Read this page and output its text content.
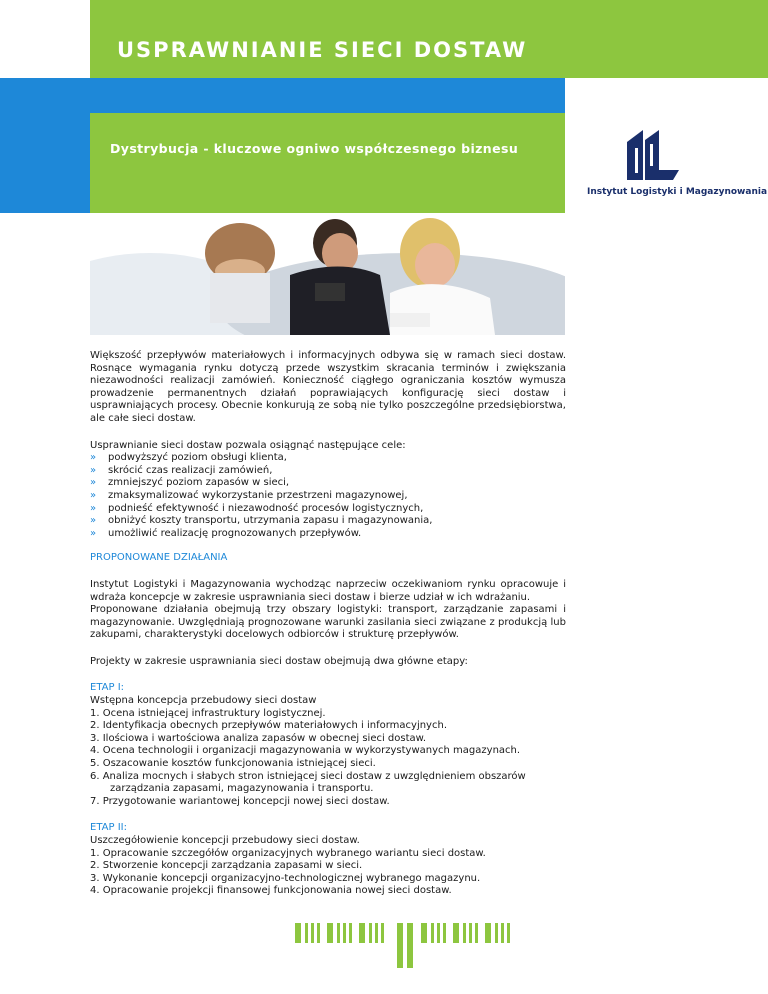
USPRAWNIANIE SIECI DOSTAW
Dystrybucja - kluczowe ogniwo współczesnego biznesu
Instytut Logistyki i Magazynowania

Większość przepływów materiałowych i informacyjnych odbywa się w ramach sieci dostaw. Rosnące wymagania rynku dotyczą przede wszystkim skracania terminów i zwiększania niezawodności realizacji zamówień. Konieczność ciągłego ograniczania kosztów wymusza prowadzenie permanentnych działań poprawiających konfigurację sieci dostaw i usprawniających procesy. Obecnie konkurują ze sobą nie tylko poszczególne przedsiębiorstwa, ale całe sieci dostaw.

Usprawnianie sieci dostaw pozwala osiągnąć następujące cele:
» podwyższyć poziom obsługi klienta,
» skrócić czas realizacji zamówień,
» zmniejszyć poziom zapasów w sieci,
» zmaksymalizować wykorzystanie przestrzeni magazynowej,
» podnieść efektywność i niezawodność procesów logistycznych,
» obniżyć koszty transportu, utrzymania zapasu i magazynowania,
» umożliwić realizację prognozowanych przepływów.

PROPONOWANE DZIAŁANIA

Instytut Logistyki i Magazynowania wychodząc naprzeciw oczekiwaniom rynku opracowuje i wdraża koncepcje w zakresie usprawniania sieci dostaw i bierze udział w ich wdrażaniu.

Proponowane działania obejmują trzy obszary logistyki: transport, zarządzanie zapasami i magazynowanie. Uwzględniają prognozowane warunki zasilania sieci związane z produkcją lub zakupami, charakterystyki docelowych odbiorców i strukturę przepływów.

Projekty w zakresie usprawniania sieci dostaw obejmują dwa główne etapy:

ETAP I:
Wstępna koncepcja przebudowy sieci dostaw
1. Ocena istniejącej infrastruktury logistycznej.
2. Identyfikacja obecnych przepływów materiałowych i informacyjnych.
3. Ilościowa i wartościowa analiza zapasów w obecnej sieci dostaw.
4. Ocena technologii i organizacji magazynowania w wykorzystywanych magazynach.
5. Oszacowanie kosztów funkcjonowania istniejącej sieci.
6. Analiza mocnych i słabych stron istniejącej sieci dostaw z uwzględnieniem obszarów
zarządzania zapasami, magazynowania i transportu.
7. Przygotowanie wariantowej koncepcji nowej sieci dostaw.
ETAP II:
Uszczegółowienie koncepcji przebudowy sieci dostaw.
1. Opracowanie szczegółów organizacyjnych wybranego wariantu sieci dostaw.
2. Stworzenie koncepcji zarządzania zapasami w sieci.
3. Wykonanie koncepcji organizacyjno-technologicznej wybranego magazynu.
4. Opracowanie projekcji finansowej funkcjonowania nowej sieci dostaw.
